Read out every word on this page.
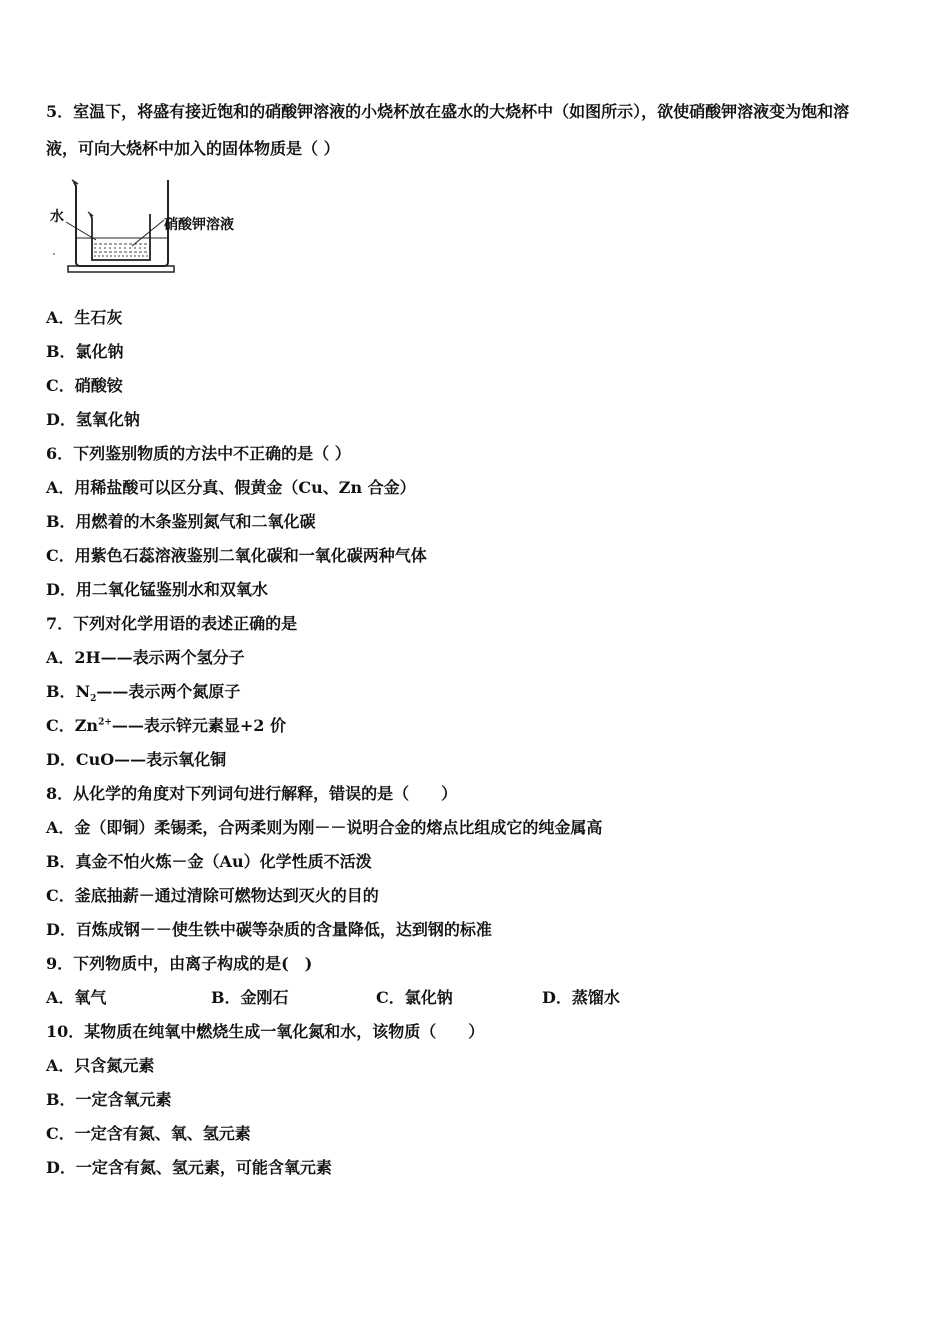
5．室温下，将盛有接近饱和的硝酸钾溶液的小烧杯放在盛水的大烧杯中（如图所示），欲使硝酸钾溶液变为饱和溶
液，可向大烧杯中加入的固体物质是（ ）
水	硝酸钾溶液
A．生石灰
B．氯化钠
C．硝酸铵
D．氢氧化钠
6．下列鉴别物质的方法中不正确的是（ ）
A．用稀盐酸可以区分真、假黄金（Cu、Zn 合金）
B．用燃着的木条鉴别氮气和二氧化碳
C．用紫色石蕊溶液鉴别二氧化碳和一氧化碳两种气体
D．用二氧化锰鉴别水和双氧水
7．下列对化学用语的表述正确的是
A．2H——表示两个氢分子
B．$N_2——$表示两个氮原子
C．$Zn^{2+}——$表示锌元素显+2 价
D．CuO——表示氧化铜
8．从化学的角度对下列词句进行解释，错误的是（　　）
A．金（即铜）柔锡柔，合两柔则为刚－－说明合金的熔点比组成它的纯金属高
B．真金不怕火炼－金（Au）化学性质不活泼
C．釜底抽薪－通过清除可燃物达到灭火的目的
D．百炼成钢－－使生铁中碳等杂质的含量降低，达到钢的标准
9．下列物质中，由离子构成的是(　)
A．氧气	B．金刚石	C．氯化钠	D．蒸馏水
10．某物质在纯氧中燃烧生成一氧化氮和水，该物质（　　）
A．只含氮元素
B．一定含氧元素
C．一定含有氮、氧、氢元素
D．一定含有氮、氢元素，可能含氧元素
